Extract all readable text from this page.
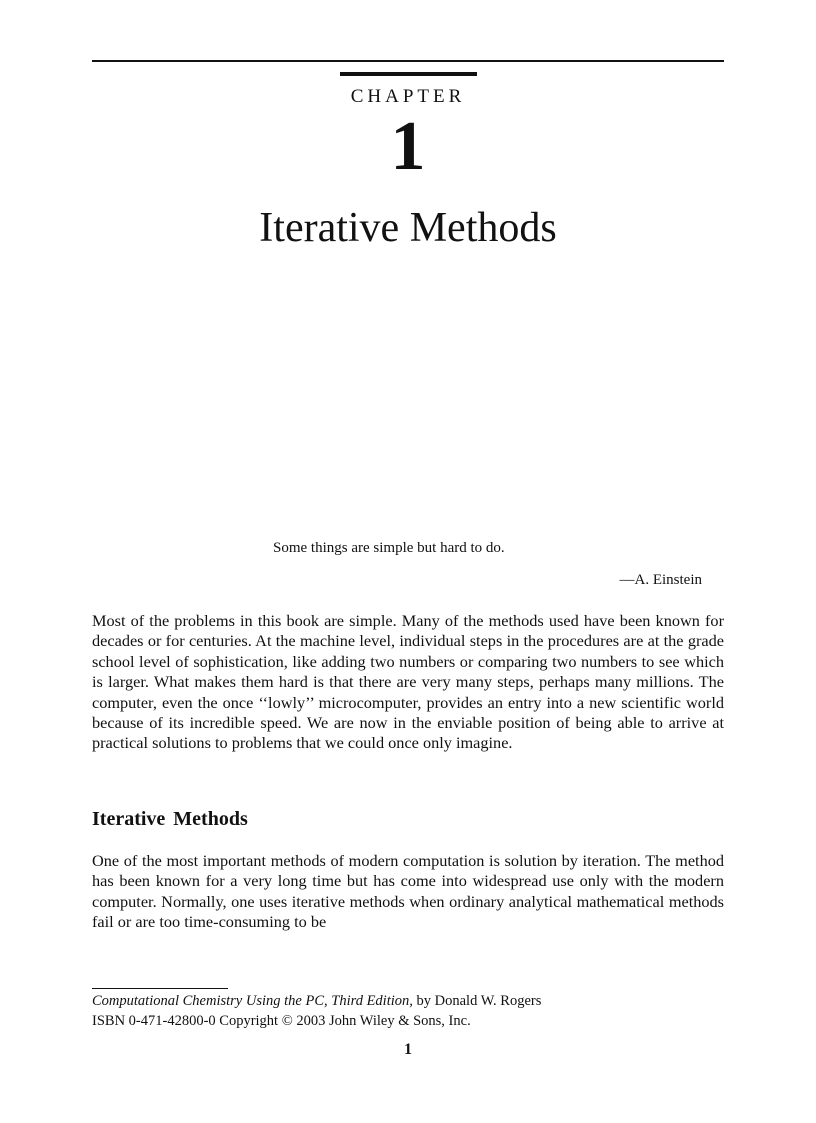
CHAPTER
1
Iterative Methods
Some things are simple but hard to do.
—A. Einstein

Most of the problems in this book are simple. Many of the methods used have been known for decades or for centuries. At the machine level, individual steps in the procedures are at the grade school level of sophistication, like adding two numbers or comparing two numbers to see which is larger. What makes them hard is that there are very many steps, perhaps many millions. The computer, even the once ‘‘lowly’’ microcomputer, provides an entry into a new scientific world because of its incredible speed. We are now in the enviable position of being able to arrive at practical solutions to problems that we could once only imagine.

Iterative Methods

One of the most important methods of modern computation is solution by iteration. The method has been known for a very long time but has come into widespread use only with the modern computer. Normally, one uses iterative methods when ordinary analytical mathematical methods fail or are too time-consuming to be

Computational Chemistry Using the PC, Third Edition, by Donald W. Rogers
ISBN 0-471-42800-0 Copyright © 2003 John Wiley & Sons, Inc.
1
